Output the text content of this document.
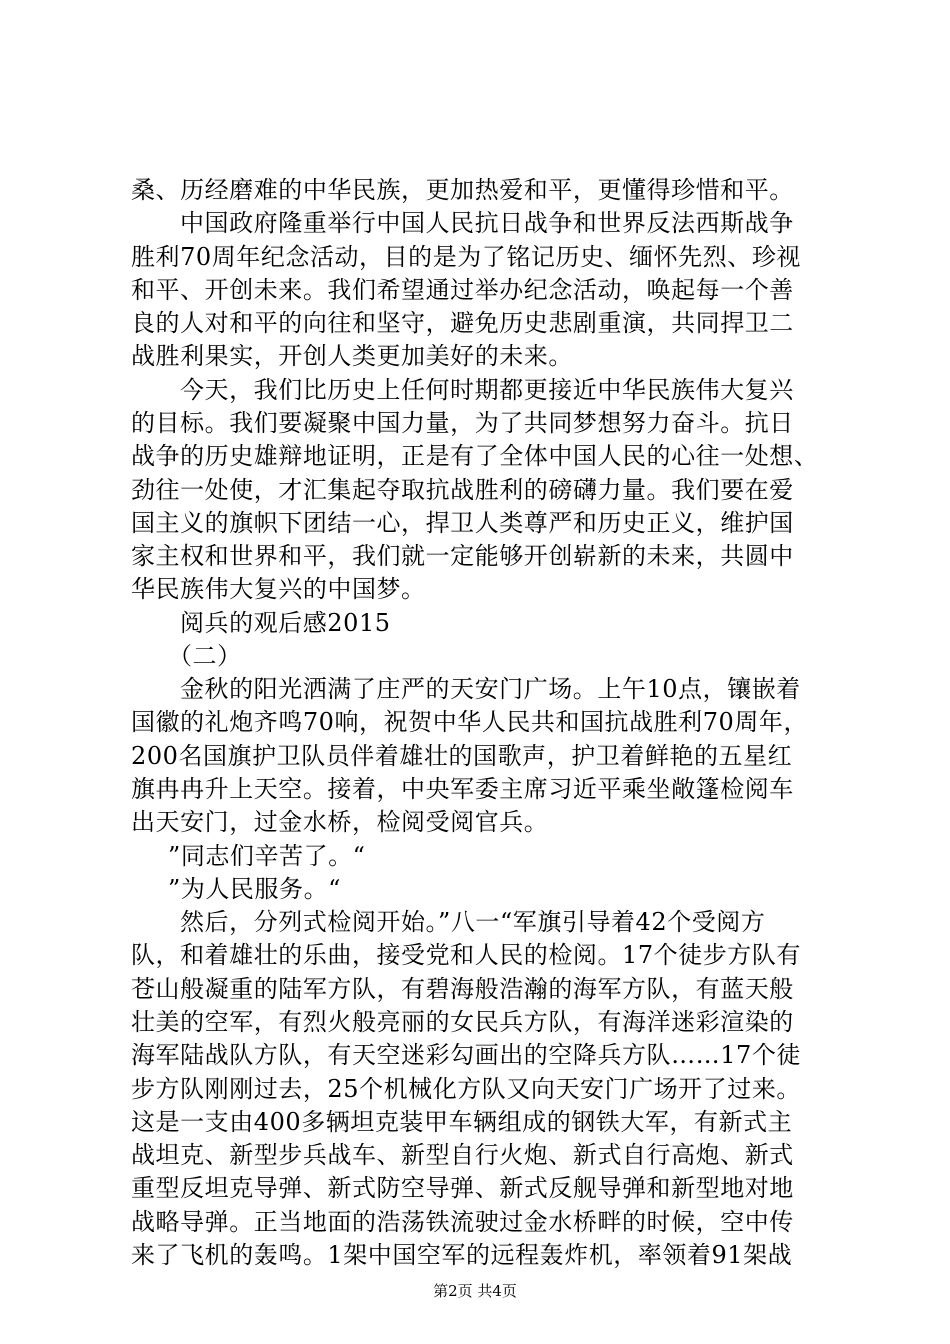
桑、历经磨难的中华民族，更加热爱和平，更懂得珍惜和平。
中国政府隆重举行中国人民抗日战争和世界反法西斯战争
胜利70周年纪念活动，目的是为了铭记历史、缅怀先烈、珍视
和平、开创未来。我们希望通过举办纪念活动，唤起每一个善
良的人对和平的向往和坚守，避免历史悲剧重演，共同捍卫二
战胜利果实，开创人类更加美好的未来。
今天，我们比历史上任何时期都更接近中华民族伟大复兴
的目标。我们要凝聚中国力量，为了共同梦想努力奋斗。抗日
战争的历史雄辩地证明，正是有了全体中国人民的心往一处想、
劲往一处使，才汇集起夺取抗战胜利的磅礴力量。我们要在爱
国主义的旗帜下团结一心，捍卫人类尊严和历史正义，维护国
家主权和世界和平，我们就一定能够开创崭新的未来，共圆中
华民族伟大复兴的中国梦。
阅兵的观后感2015
（二）
金秋的阳光洒满了庄严的天安门广场。上午10点，镶嵌着
国徽的礼炮齐鸣70响，祝贺中华人民共和国抗战胜利70周年，
200名国旗护卫队员伴着雄壮的国歌声，护卫着鲜艳的五星红
旗冉冉升上天空。接着，中央军委主席习近平乘坐敞篷检阅车
出天安门，过金水桥，检阅受阅官兵。
”同志们辛苦了。“
”为人民服务。“
然后，分列式检阅开始。”八一“军旗引导着42个受阅方
队，和着雄壮的乐曲，接受党和人民的检阅。17个徒步方队有
苍山般凝重的陆军方队，有碧海般浩瀚的海军方队，有蓝天般
壮美的空军，有烈火般亮丽的女民兵方队，有海洋迷彩渲染的
海军陆战队方队，有天空迷彩勾画出的空降兵方队……17个徒
步方队刚刚过去，25个机械化方队又向天安门广场开了过来。
这是一支由400多辆坦克装甲车辆组成的钢铁大军，有新式主
战坦克、新型步兵战车、新型自行火炮、新式自行高炮、新式
重型反坦克导弹、新式防空导弹、新式反舰导弹和新型地对地
战略导弹。正当地面的浩荡铁流驶过金水桥畔的时候，空中传
来了飞机的轰鸣。1架中国空军的远程轰炸机，率领着91架战
第2页 共4页
